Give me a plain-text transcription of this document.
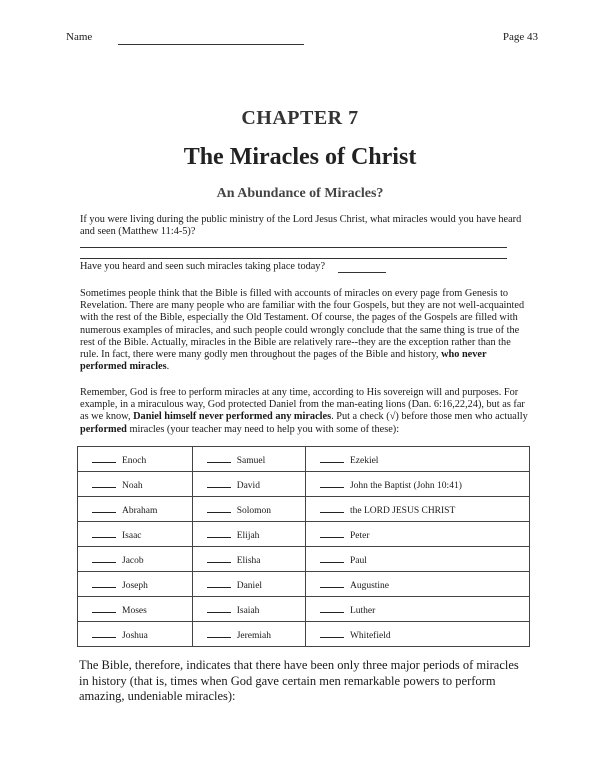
Name	Page 43
CHAPTER 7
The Miracles of Christ
An Abundance of Miracles?
If you were living during the public ministry of the Lord Jesus Christ, what miracles would you have heard and seen (Matthew 11:4-5)?
Have you heard and seen such miracles taking place today?
Sometimes people think that the Bible is filled with accounts of miracles on every page from Genesis to Revelation. There are many people who are familiar with the four Gospels, but they are not well-acquainted with the rest of the Bible, especially the Old Testament. Of course, the pages of the Gospels are filled with numerous examples of miracles, and such people could wrongly conclude that the same thing is true of the rest of the Bible. Actually, miracles in the Bible are relatively rare--they are the exception rather than the rule. In fact, there were many godly men throughout the pages of the Bible and history, who never performed miracles.
Remember, God is free to perform miracles at any time, according to His sovereign will and purposes. For example, in a miraculous way, God protected Daniel from the man-eating lions (Dan. 6:16,22,24), but as far as we know, Daniel himself never performed any miracles. Put a check (√) before those men who actually performed miracles (your teacher may need to help you with some of these):
Enoch	Samuel	Ezekiel
Noah	David	John the Baptist (John 10:41)
Abraham	Solomon	the LORD JESUS CHRIST
Isaac	Elijah	Peter
Jacob	Elisha	Paul
Joseph	Daniel	Augustine
Moses	Isaiah	Luther
Joshua	Jeremiah	Whitefield
The Bible, therefore, indicates that there have been only three major periods of miracles in history (that is, times when God gave certain men remarkable powers to perform amazing, undeniable miracles):
